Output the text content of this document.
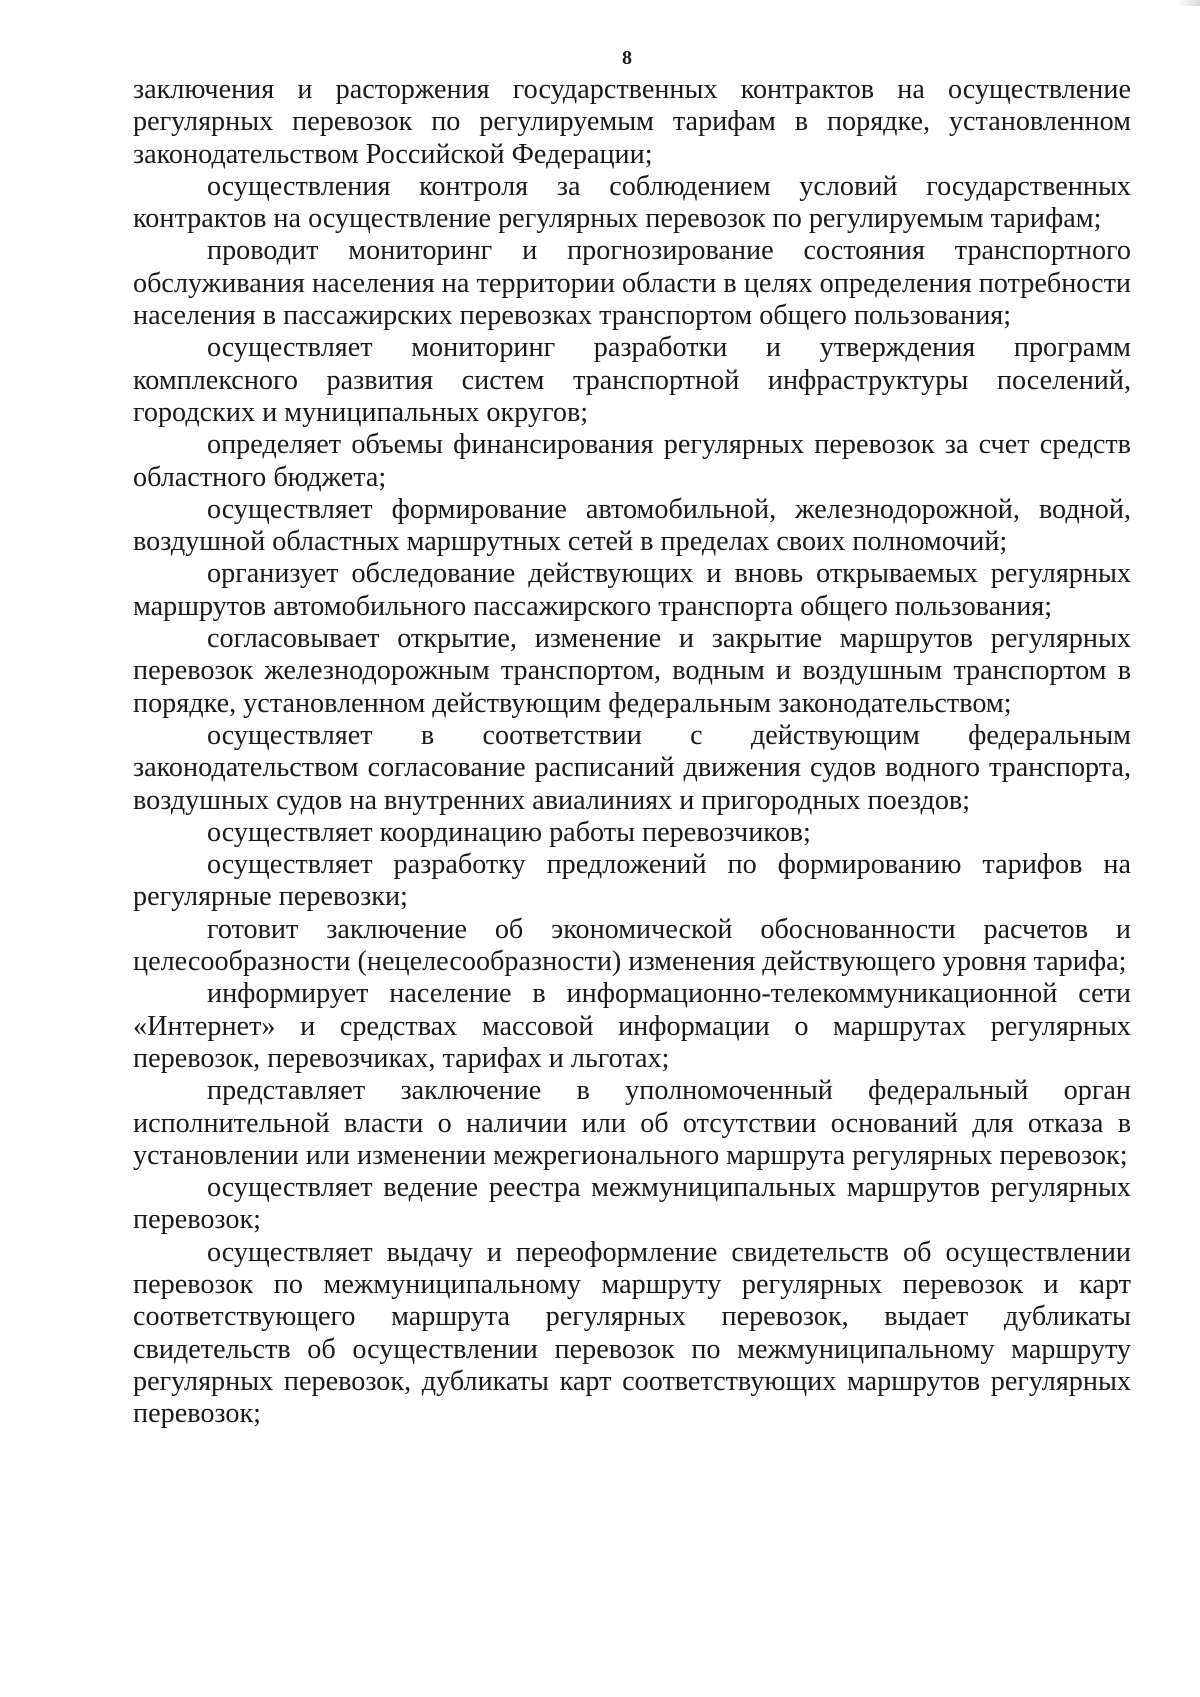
8

заключения и расторжения государственных контрактов на осуществление регулярных перевозок по регулируемым тарифам в порядке, установленном законодательством Российской Федерации;

осуществления контроля за соблюдением условий государственных контрактов на осуществление регулярных перевозок по регулируемым тарифам;

проводит мониторинг и прогнозирование состояния транспортного обслуживания населения на территории области в целях определения потребности населения в пассажирских перевозках транспортом общего пользования;

осуществляет мониторинг разработки и утверждения программ комплексного развития систем транспортной инфраструктуры поселений, городских и муниципальных округов;

определяет объемы финансирования регулярных перевозок за счет средств областного бюджета;

осуществляет формирование автомобильной, железнодорожной, водной, воздушной областных маршрутных сетей в пределах своих полномочий;

организует обследование действующих и вновь открываемых регулярных маршрутов автомобильного пассажирского транспорта общего пользования;

согласовывает открытие, изменение и закрытие маршрутов регулярных перевозок железнодорожным транспортом, водным и воздушным транспортом в порядке, установленном действующим федеральным законодательством;

осуществляет в соответствии с действующим федеральным законодательством согласование расписаний движения судов водного транспорта, воздушных судов на внутренних авиалиниях и пригородных поездов;

осуществляет координацию работы перевозчиков;

осуществляет разработку предложений по формированию тарифов на регулярные перевозки;

готовит заключение об экономической обоснованности расчетов и целесообразности (нецелесообразности) изменения действующего уровня тарифа;

информирует население в информационно-телекоммуникационной сети «Интернет» и средствах массовой информации о маршрутах регулярных перевозок, перевозчиках, тарифах и льготах;

представляет заключение в уполномоченный федеральный орган исполнительной власти о наличии или об отсутствии оснований для отказа в установлении или изменении межрегионального маршрута регулярных перевозок;

осуществляет ведение реестра межмуниципальных маршрутов регулярных перевозок;

осуществляет выдачу и переоформление свидетельств об осуществлении перевозок по межмуниципальному маршруту регулярных перевозок и карт соответствующего маршрута регулярных перевозок, выдает дубликаты свидетельств об осуществлении перевозок по межмуниципальному маршруту регулярных перевозок, дубликаты карт соответствующих маршрутов регулярных перевозок;
